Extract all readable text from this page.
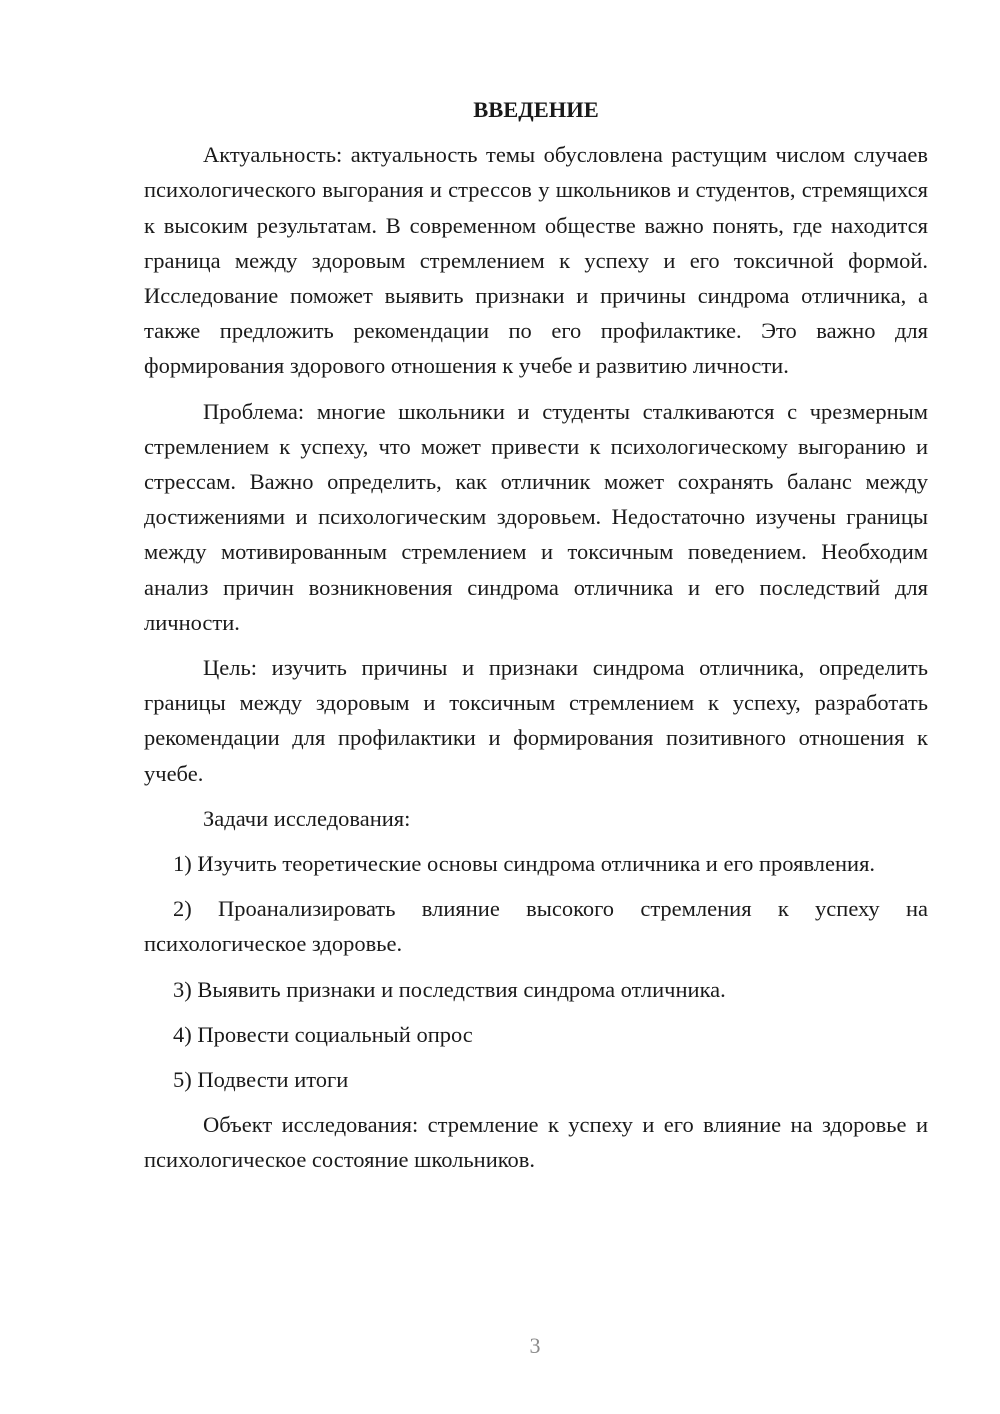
ВВЕДЕНИЕ

Актуальность: актуальность темы обусловлена растущим числом случаев психологического выгорания и стрессов у школьников и студентов, стремящихся к высоким результатам. В современном обществе важно понять, где находится граница между здоровым стремлением к успеху и его токсичной формой. Исследование поможет выявить признаки и причины синдрома отличника, а также предложить рекомендации по его профилактике. Это важно для формирования здорового отношения к учебе и развитию личности.

Проблема: многие школьники и студенты сталкиваются с чрезмерным стремлением к успеху, что может привести к психологическому выгоранию и стрессам. Важно определить, как отличник может сохранять баланс между достижениями и психологическим здоровьем. Недостаточно изучены границы между мотивированным стремлением и токсичным поведением. Необходим анализ причин возникновения синдрома отличника и его последствий для личности.

Цель: изучить причины и признаки синдрома отличника, определить границы между здоровым и токсичным стремлением к успеху, разработать рекомендации для профилактики и формирования позитивного отношения к учебе.

Задачи исследования:

1) Изучить теоретические основы синдрома отличника и его проявления.

2) Проанализировать влияние высокого стремления к успеху на психологическое здоровье.

3) Выявить признаки и последствия синдрома отличника.

4) Провести социальный опрос

5) Подвести итоги

Объект исследования: стремление к успеху и его влияние на здоровье и психологическое состояние школьников.

3
